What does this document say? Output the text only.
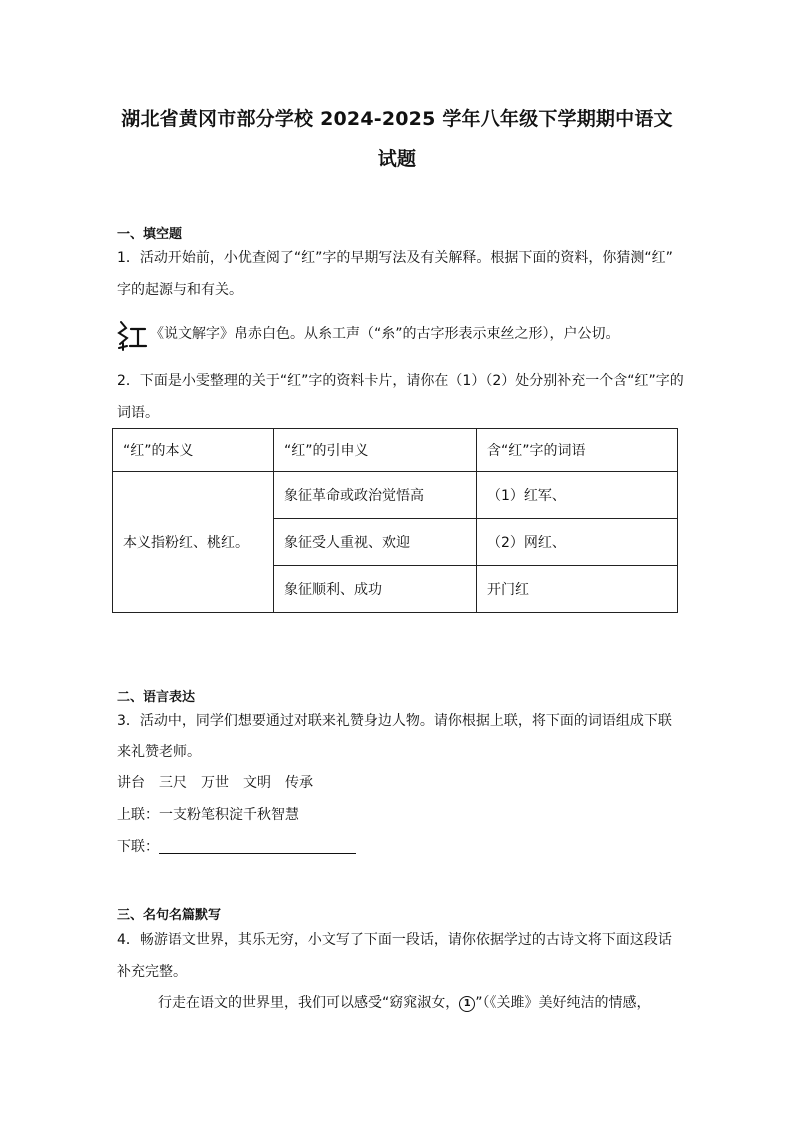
湖北省黄冈市部分学校 2024-2025 学年八年级下学期期中语文
试题
一、填空题
1．活动开始前，小优查阅了“红”字的早期写法及有关解释。根据下面的资料，你猜测“红”
字的起源与和有关。
《说文解字》帛赤白色。从糸工声（“糸”的古字形表示束丝之形），户公切。
2．下面是小雯整理的关于“红”字的资料卡片，请你在（1）（2）处分别补充一个含“红”字的
词语。
“红”的本义	“红”的引申义	含“红”字的词语
本义指粉红、桃红。	象征革命或政治觉悟高	（1）红军、
	象征受人重视、欢迎	（2）网红、
	象征顺利、成功	开门红
二、语言表达
3．活动中，同学们想要通过对联来礼赞身边人物。请你根据上联，将下面的词语组成下联
来礼赞老师。
讲台　三尺　万世　文明　传承
上联：一支粉笔积淀千秋智慧
下联：
三、名句名篇默写
4．畅游语文世界，其乐无穷，小文写了下面一段话，请你依据学过的古诗文将下面这段话
补充完整。
行走在语文的世界里，我们可以感受“窈窕淑女， 1 ”（《关雎》美好纯洁的情感，
